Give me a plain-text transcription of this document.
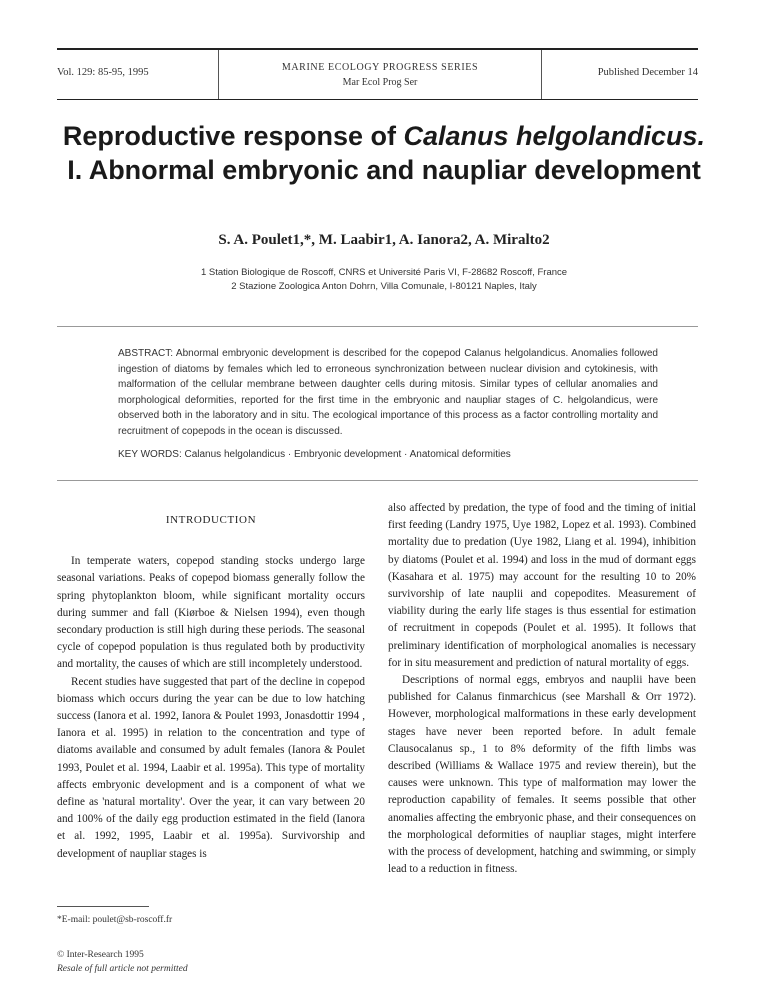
Vol. 129: 85-95, 1995	MARINE ECOLOGY PROGRESS SERIES
Mar Ecol Prog Ser
Published December 14
Reproductive response of Calanus helgolandicus.
I. Abnormal embryonic and naupliar development
S. A. Poulet1,*, M. Laabir1, A. Ianora2, A. Miralto2
1 Station Biologique de Roscoff, CNRS et Université Paris VI, F-28682 Roscoff, France
2 Stazione Zoologica Anton Dohrn, Villa Comunale, I-80121 Naples, Italy
ABSTRACT: Abnormal embryonic development is described for the copepod Calanus helgolandicus. Anomalies followed ingestion of diatoms by females which led to erroneous synchronization between nuclear division and cytokinesis, with malformation of the cellular membrane between daughter cells during mitosis. Similar types of cellular anomalies and morphological deformities, reported for the first time in the embryonic and naupliar stages of C. helgolandicus, were observed both in the laboratory and in situ. The ecological importance of this process as a factor controlling mortality and recruitment of copepods in the ocean is discussed.
KEY WORDS: Calanus helgolandicus · Embryonic development · Anatomical deformities
INTRODUCTION

In temperate waters, copepod standing stocks undergo large seasonal variations. Peaks of copepod biomass generally follow the spring phytoplankton bloom, while significant mortality occurs during summer and fall (Kiørboe & Nielsen 1994), even though secondary production is still high during these periods. The seasonal cycle of copepod population is thus regulated both by productivity and mortality, the causes of which are still incompletely understood.

Recent studies have suggested that part of the decline in copepod biomass which occurs during the year can be due to low hatching success (Ianora et al. 1992, Ianora & Poulet 1993, Jonasdottir 1994 , Ianora et al. 1995) in relation to the concentration and type of diatoms available and consumed by adult females (Ianora & Poulet 1993, Poulet et al. 1994, Laabir et al. 1995a). This type of mortality affects embryonic development and is a component of what we define as 'natural mortality'. Over the year, it can vary between 20 and 100% of the daily egg production estimated in the field (Ianora et al. 1992, 1995, Laabir et al. 1995a). Survivorship and development of naupliar stages is

also affected by predation, the type of food and the timing of initial first feeding (Landry 1975, Uye 1982, Lopez et al. 1993). Combined mortality due to predation (Uye 1982, Liang et al. 1994), inhibition by diatoms (Poulet et al. 1994) and loss in the mud of dormant eggs (Kasahara et al. 1975) may account for the resulting 10 to 20% survivorship of late nauplii and copepodites. Measurement of viability during the early life stages is thus essential for estimation of recruitment in copepods (Poulet et al. 1995). It follows that preliminary identification of morphological anomalies is necessary for in situ measurement and prediction of natural mortality of eggs.

Descriptions of normal eggs, embryos and nauplii have been published for Calanus finmarchicus (see Marshall & Orr 1972). However, morphological malformations in these early development stages have never been reported before. In adult female Clausocalanus sp., 1 to 8% deformity of the fifth limbs was described (Williams & Wallace 1975 and review therein), but the causes were unknown. This type of malformation may lower the reproduction capability of females. It seems possible that other anomalies affecting the embryonic phase, and their consequences on the morphological deformities of naupliar stages, might interfere with the process of development, hatching and swimming, or simply lead to a reduction in fitness.

*E-mail: poulet@sb-roscoff.fr
© Inter-Research 1995
Resale of full article not permitted
